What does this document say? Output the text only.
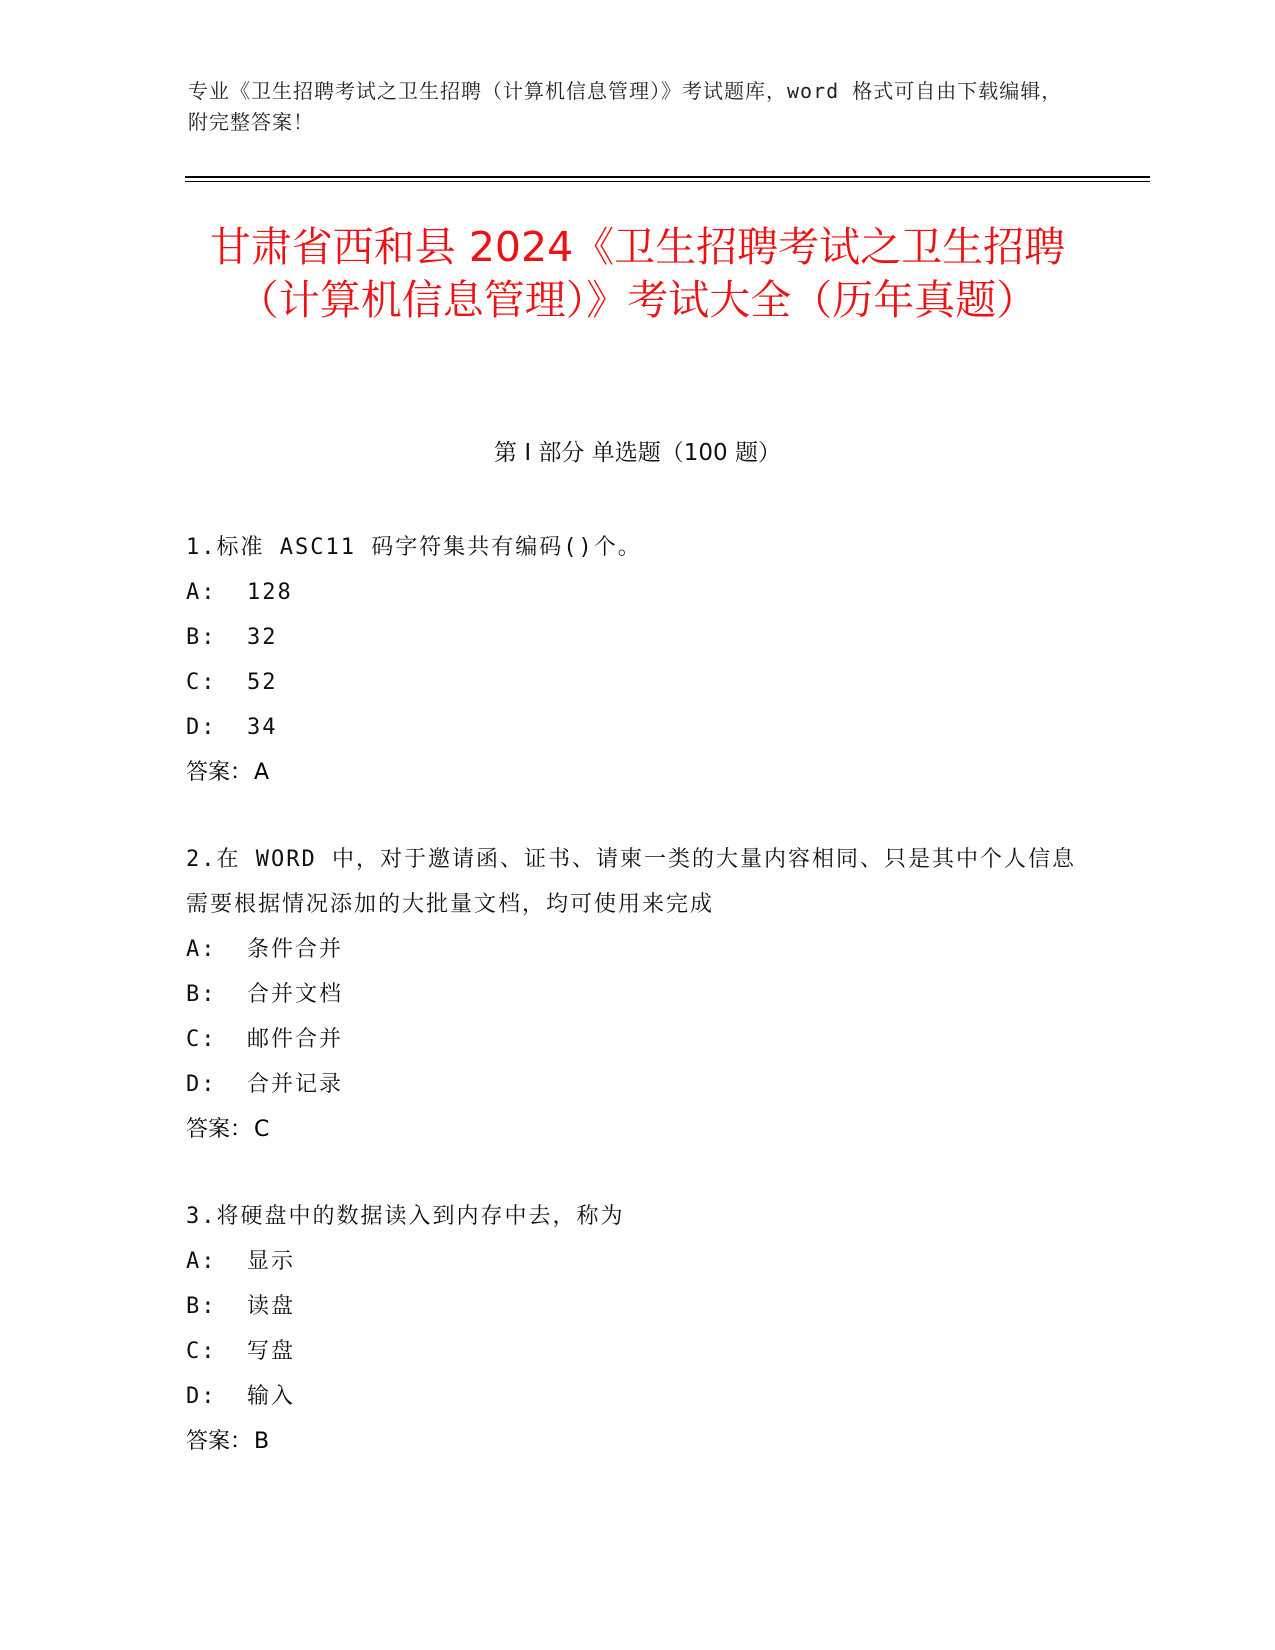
专业《卫生招聘考试之卫生招聘（计算机信息管理）》考试题库，word 格式可自由下载编辑，附完整答案！
甘肃省西和县 2024《卫生招聘考试之卫生招聘（计算机信息管理）》考试大全（历年真题）
第 I 部分 单选题（100 题）
1.标准 ASC11 码字符集共有编码()个。
A:  128
B:  32
C:  52
D:  34
答案：A
2.在 WORD 中，对于邀请函、证书、请柬一类的大量内容相同、只是其中个人信息需要根据情况添加的大批量文档，均可使用来完成
A:  条件合并
B:  合并文档
C:  邮件合并
D:  合并记录
答案：C
3.将硬盘中的数据读入到内存中去，称为
A:  显示
B:  读盘
C:  写盘
D:  输入
答案：B
